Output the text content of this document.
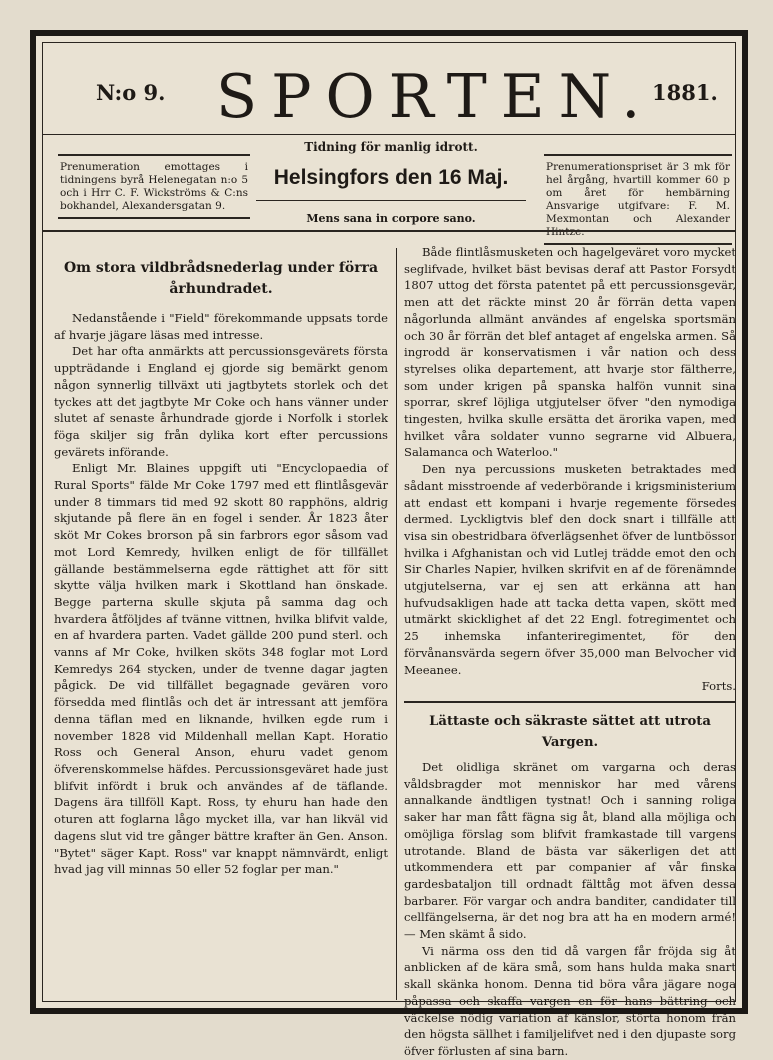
N:o 9. SPORTEN.
1881.
Prenumeration emottages i tidningens byrå Helenegatan n:o 5 och i Hrr C. F. Wickströms & C:ns bokhandel, Alexandersgatan 9.
Tidning för manlig idrott.
Helsingfors den 16 Maj.
Mens sana in corpore sano.
Prenumerationspriset är 3 mk för hel årgång, hvartill kommer 60 p om året för hembärning Ansvarige utgifvare: F. M. Mexmontan och Alexander Hintze.
Om stora vildbrådsnederlag under förra århundradet.

Nedanstående i "Field" förekommande uppsats torde af hvarje jägare läsas med intresse.

Det har ofta anmärkts att percussionsgevärets första uppträdande i England ej gjorde sig bemärkt genom någon synnerlig tillväxt uti jagtbytets storlek och det tyckes att det jagtbyte Mr Coke och hans vänner under slutet af senaste århundrade gjorde i Norfolk i storlek föga skiljer sig från dylika kort efter percussions gevärets införande.

Enligt Mr. Blaines uppgift uti "Encyclopaedia of Rural Sports" fälde Mr Coke 1797 med ett flintlåsgevär under 8 timmars tid med 92 skott 80 rapphöns, aldrig skjutande på flere än en fogel i sender. År 1823 åter sköt Mr Cokes brorson på sin farbrors egor såsom vad mot Lord Kemredy, hvilken enligt de för tillfället gällande bestämmelserna egde rättighet att för sitt skytte välja hvilken mark i Skottland han önskade. Begge parterna skulle skjuta på samma dag och hvardera åtföljdes af tvänne vittnen, hvilka blifvit valde, en af hvardera parten. Vadet gällde 200 pund sterl. och vanns af Mr Coke, hvilken sköts 348 foglar mot Lord Kemredys 264 stycken, under de tvenne dagar jagten pågick. De vid tillfället begagnade gevären voro försedda med flintlås och det är intressant att jemföra denna täflan med en liknande, hvilken egde rum i november 1828 vid Mildenhall mellan Kapt. Horatio Ross och General Anson, ehuru vadet genom öfverenskommelse häfdes. Percussionsgeväret hade just blifvit infördt i bruk och användes af de täflande. Dagens ära tillföll Kapt. Ross, ty ehuru han hade den oturen att foglarna lågo mycket illa, var han likväl vid dagens slut vid tre gånger bättre krafter än Gen. Anson. "Bytet" säger Kapt. Ross" var knappt nämnvärdt, enligt hvad jag vill minnas 50 eller 52 foglar per man."

Både flintlåsmusketen och hagelgeväret voro mycket seglifvade, hvilket bäst bevisas deraf att Pastor Forsydt 1807 uttog det första patentet på ett percussionsgevär, men att det räckte minst 20 år förrän detta vapen någorlunda allmänt användes af engelska sportsmän och 30 år förrän det blef antaget af engelska armen. Så ingrodd är konservatismen i vår nation och dess styrelses olika departement, att hvarje stor fältherre, som under krigen på spanska halfön vunnit sina sporrar, skref löjliga utgjutelser öfver "den nymodiga tingesten, hvilka skulle ersätta det ärorika vapen, med hvilket våra soldater vunno segrarne vid Albuera, Salamanca och Waterloo."

Den nya percussions musketen betraktades med sådant misstroende af vederbörande i krigsministerium att endast ett kompani i hvarje regemente försedes dermed. Lyckligtvis blef den dock snart i tillfälle att visa sin obestridbara öfverlägsenhet öfver de luntbössor hvilka i Afghanistan och vid Lutlej trädde emot den och Sir Charles Napier, hvilken skrifvit en af de förenämnde utgjutelserna, var ej sen att erkänna att han hufvudsakligen hade att tacka detta vapen, skött med utmärkt skicklighet af det 22 Engl. fotregimentet och 25 inhemska infanteriregimentet, för den förvånansvärda segern öfver 35,000 man Belvocher vid Meeanee.

Forts.
Lättaste och säkraste sättet att utrota Vargen.

Det olidliga skränet om vargarna och deras våldsbragder mot menniskor har med vårens annalkande ändtligen tystnat! Och i sanning roliga saker har man fått fägna sig åt, bland alla möjliga och omöjliga förslag som blifvit framkastade till vargens utrotande. Bland de bästa var säkerligen det att utkommendera ett par companier af vår finska gardesbataljon till ordnadt fälttåg mot äfven dessa barbarer. För vargar och andra banditer, candidater till cellfängelserna, är det nog bra att ha en modern armé! — Men skämt å sido.

Vi närma oss den tid då vargen får fröjda sig åt anblicken af de kära små, som hans hulda maka snart skall skänka honom. Denna tid böra våra jägare noga påpassa och skaffa vargen en för hans bättring och väckelse nödig variation af känslor, störta honom från den högsta sällhet i familjelifvet ned i den djupaste sorg öfver förlusten af sina barn.
